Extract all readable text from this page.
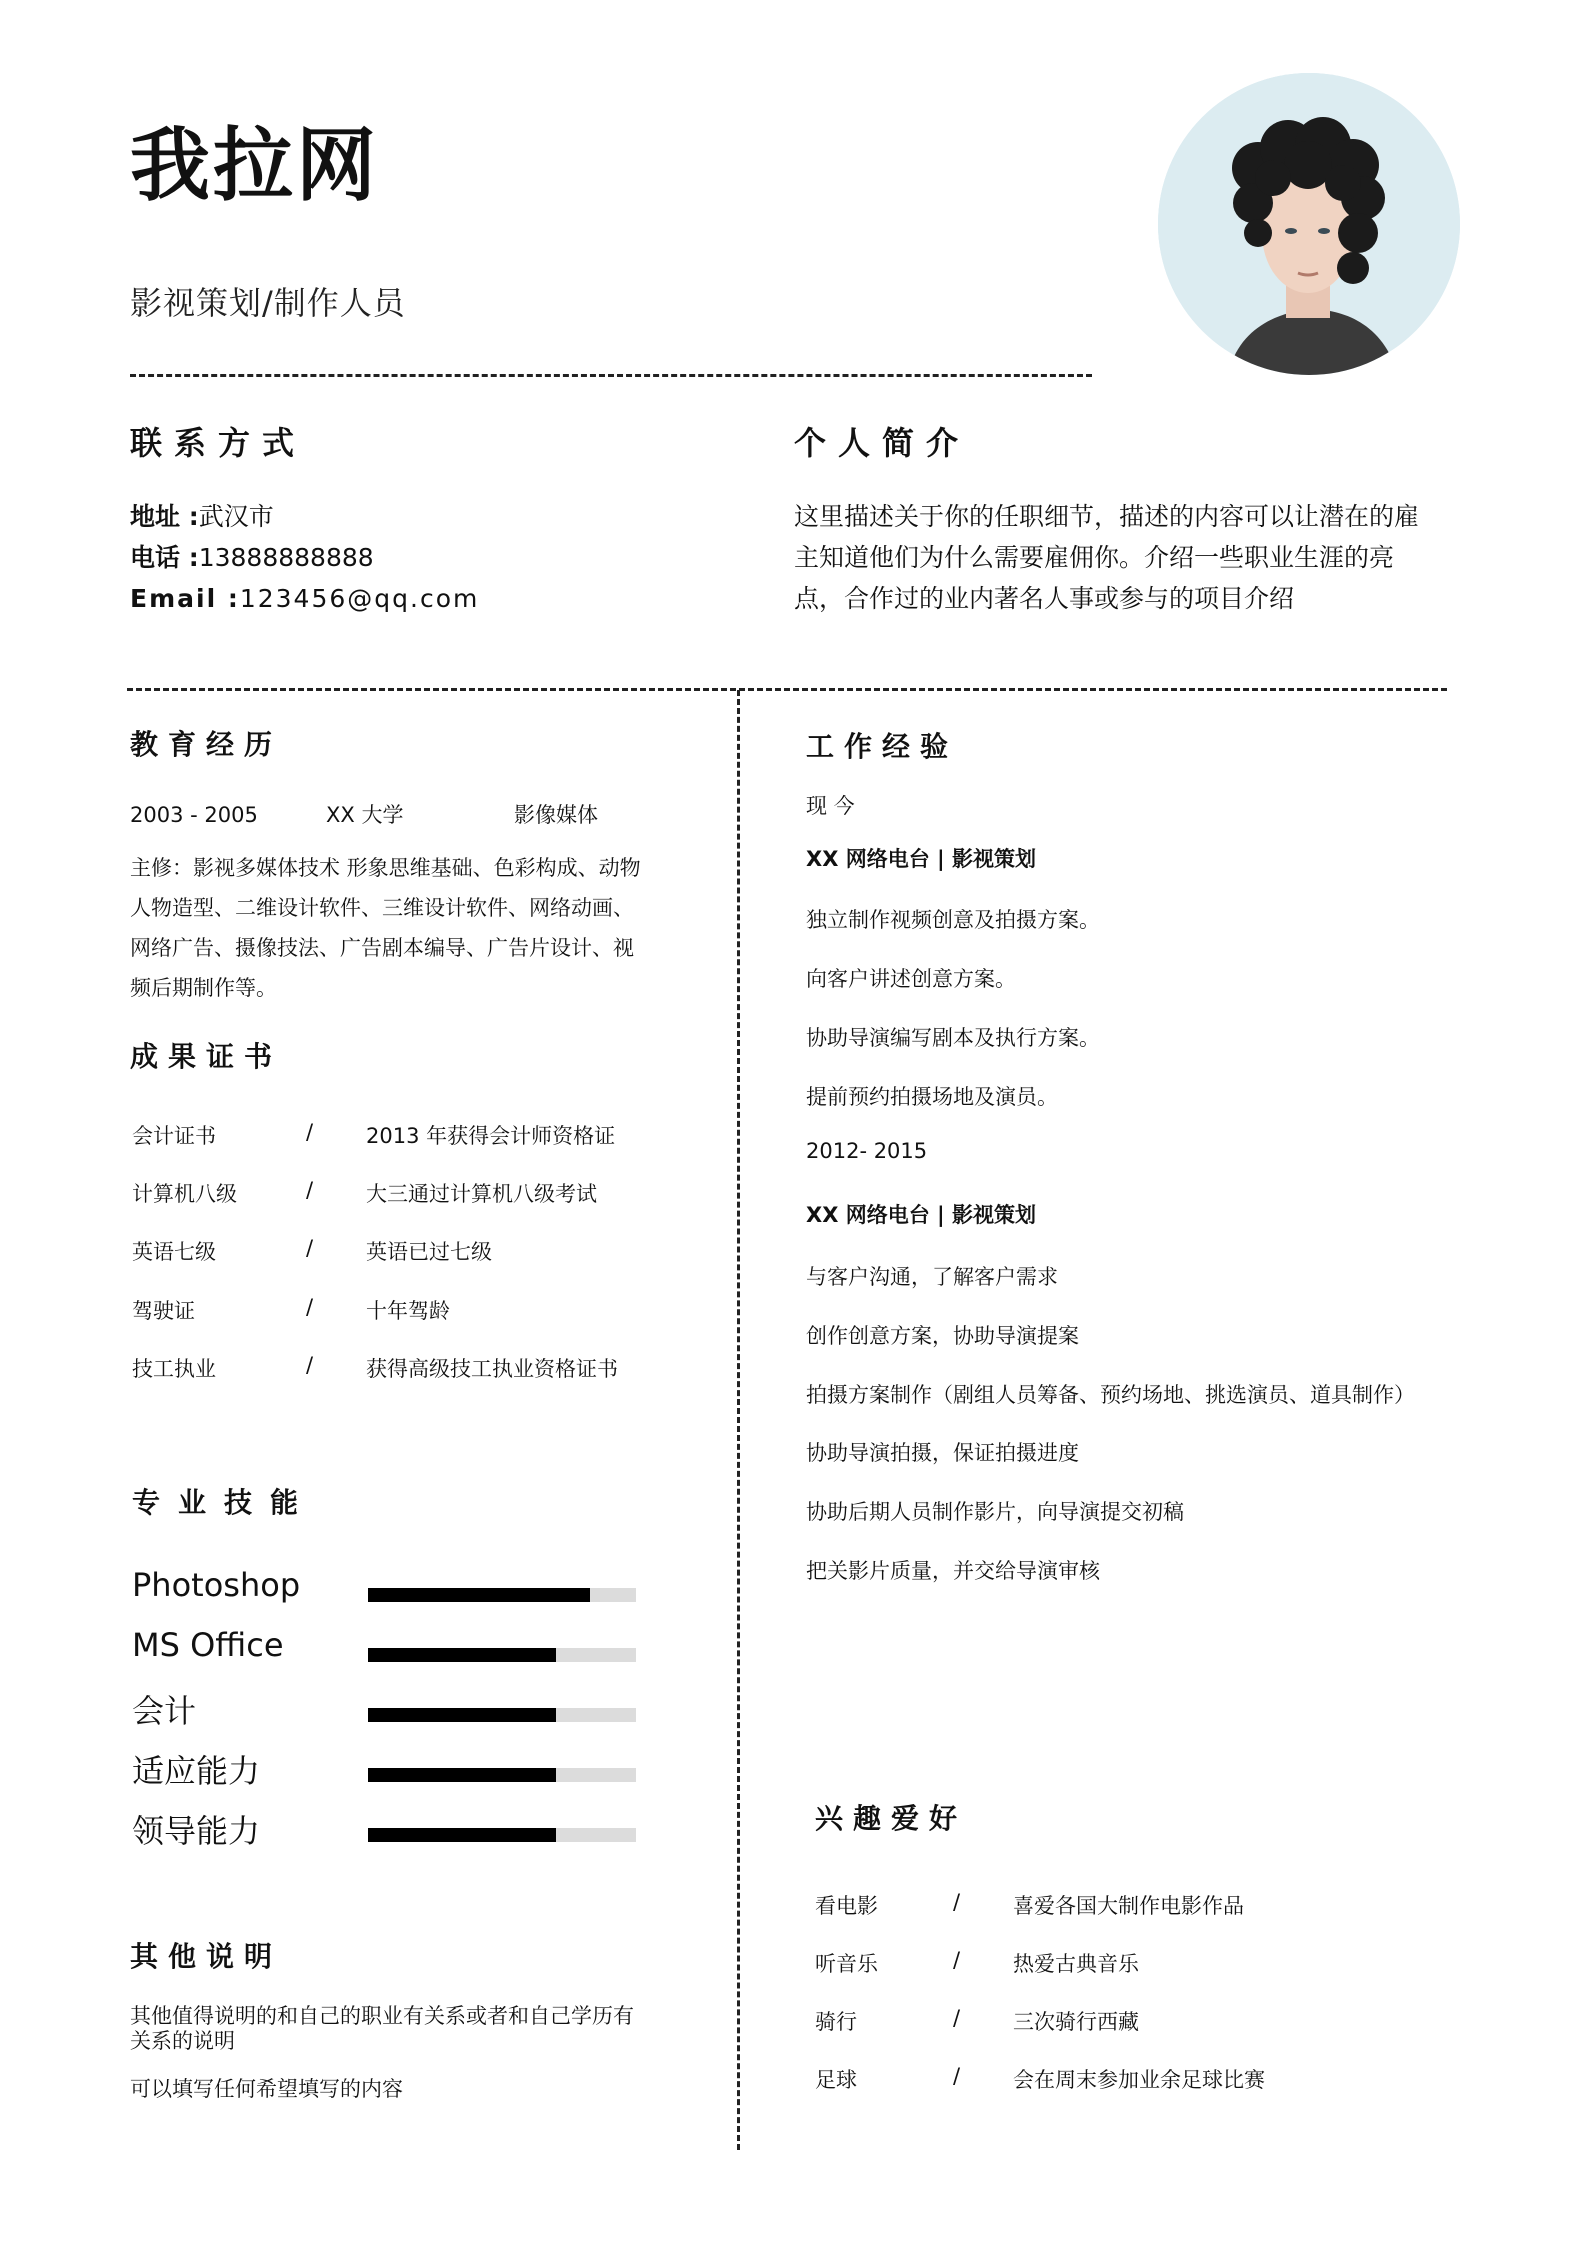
我拉网
影视策划/制作人员
联系方式
地址 :武汉市
电话 :13888888888
Email :123456@qq.com
个人简介
这里描述关于你的任职细节，描述的内容可以让潜在的雇
主知道他们为什么需要雇佣你。介绍一些职业生涯的亮
点，合作过的业内著名人事或参与的项目介绍
教育经历
2003 - 2005	XX 大学	影像媒体
主修：影视多媒体技术 形象思维基础、色彩构成、动物
人物造型、二维设计软件、三维设计软件、网络动画、
网络广告、摄像技法、广告剧本编导、广告片设计、视
频后期制作等。
成果证书
会计证书	/	2013 年获得会计师资格证
计算机八级	/	大三通过计算机八级考试
英语七级	/	英语已过七级
驾驶证	/	十年驾龄
技工执业	/	获得高级技工执业资格证书
专业技能
Photoshop
MS Office
会计
适应能力
领导能力
其他说明
其他值得说明的和自己的职业有关系或者和自己学历有
关系的说明
可以填写任何希望填写的内容
工作经验
现 今
XX 网络电台 | 影视策划
独立制作视频创意及拍摄方案。
向客户讲述创意方案。
协助导演编写剧本及执行方案。
提前预约拍摄场地及演员。
2012- 2015
XX 网络电台 | 影视策划
与客户沟通，了解客户需求
创作创意方案，协助导演提案
拍摄方案制作（剧组人员筹备、预约场地、挑选演员、道具制作）
协助导演拍摄，保证拍摄进度
协助后期人员制作影片，向导演提交初稿
把关影片质量，并交给导演审核
兴趣爱好
看电影	/	喜爱各国大制作电影作品
听音乐	/	热爱古典音乐
骑行	/	三次骑行西藏
足球	/	会在周末参加业余足球比赛
